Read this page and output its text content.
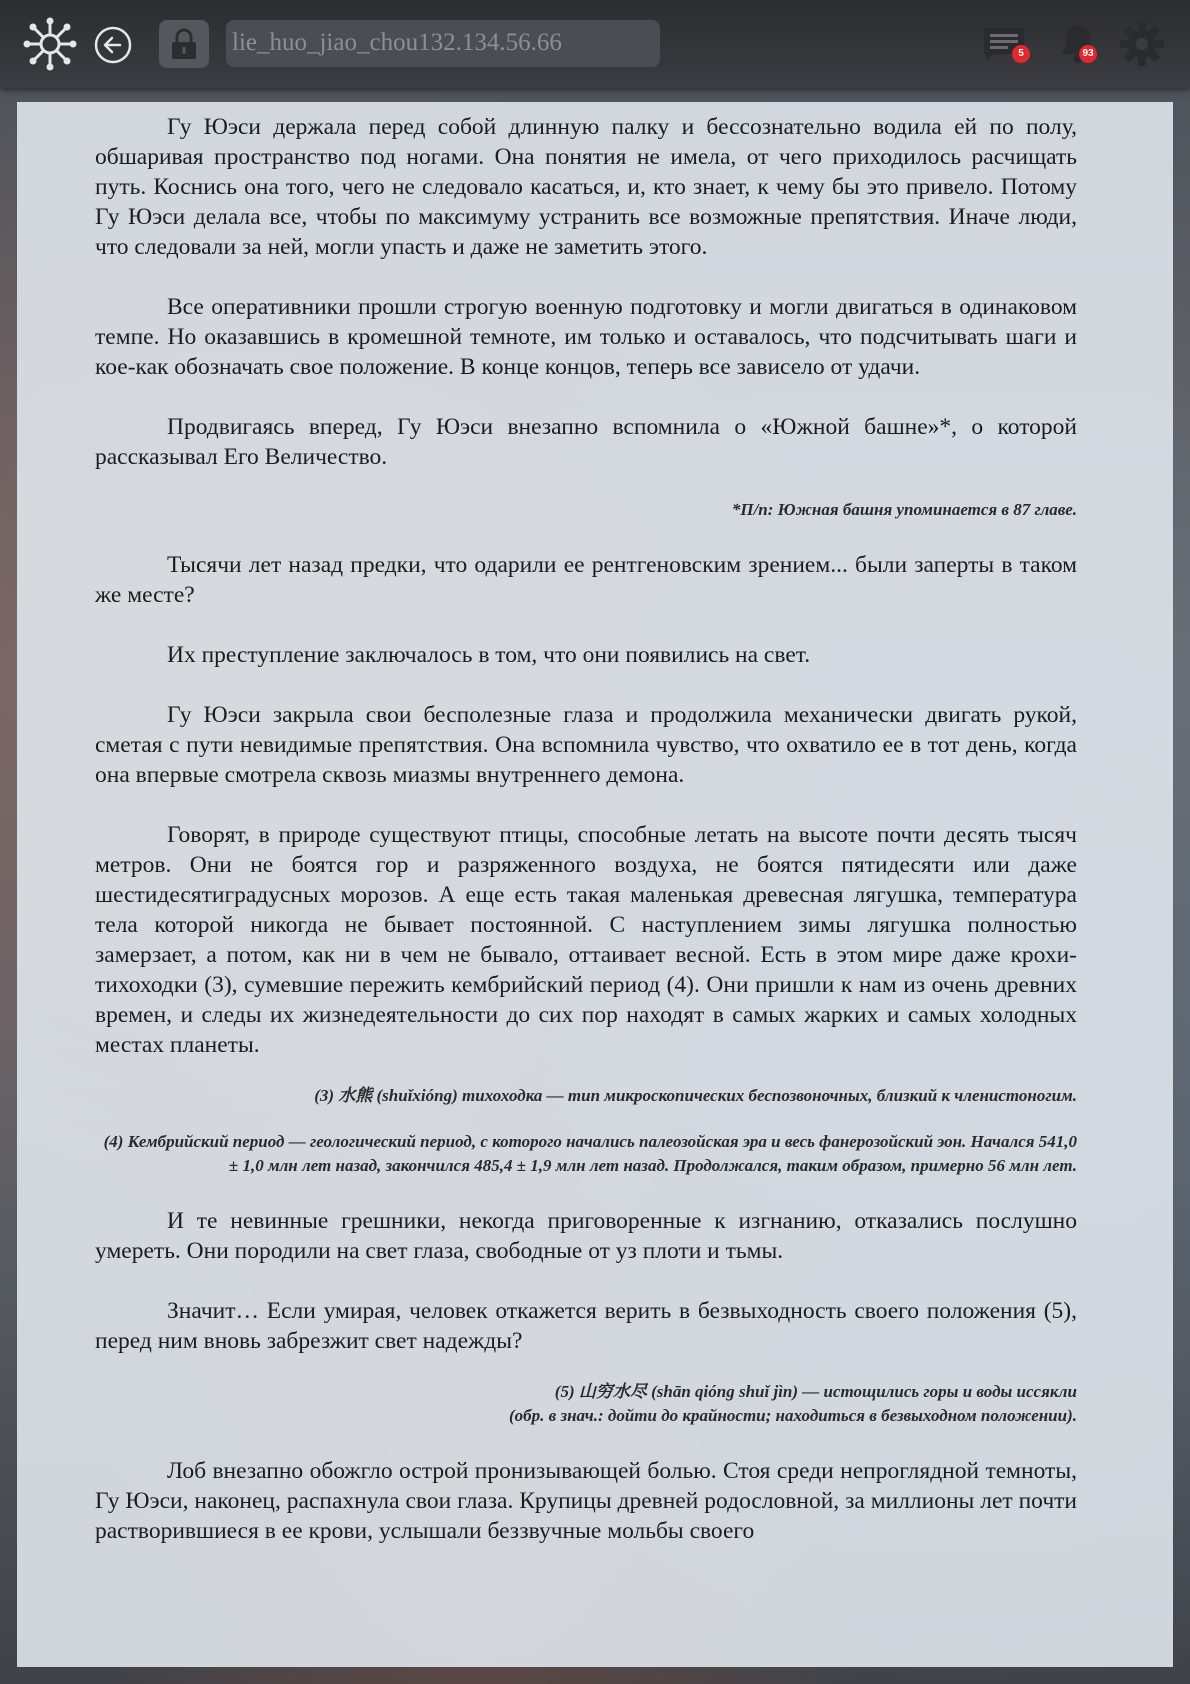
lie_huo_jiao_chou132.134.56.66	5	93

Гу Юэси держала перед собой длинную палку и бессознательно водила ей по полу, обшаривая пространство под ногами. Она понятия не имела, от чего приходилось расчищать путь. Коснись она того, чего не следовало касаться, и, кто знает, к чему бы это привело. Потому Гу Юэси делала все, чтобы по максимуму устранить все возможные препятствия. Иначе люди, что следовали за ней, могли упасть и даже не заметить этого.

Все оперативники прошли строгую военную подготовку и могли двигаться в одинаковом темпе. Но оказавшись в кромешной темноте, им только и оставалось, что подсчитывать шаги и кое-как обозначать свое положение. В конце концов, теперь все зависело от удачи.

Продвигаясь вперед, Гу Юэси внезапно вспомнила о «Южной башне»*, о которой рассказывал Его Величество.

*П/п: Южная башня упоминается в 87 главе.

Тысячи лет назад предки, что одарили ее рентгеновским зрением... были заперты в таком же месте?

Их преступление заключалось в том, что они появились на свет.

Гу Юэси закрыла свои бесполезные глаза и продолжила механически двигать рукой, сметая с пути невидимые препятствия. Она вспомнила чувство, что охватило ее в тот день, когда она впервые смотрела сквозь миазмы внутреннего демона.

Говорят, в природе существуют птицы, способные летать на высоте почти десять тысяч метров. Они не боятся гор и разряженного воздуха, не боятся пятидесяти или даже шестидесятиградусных морозов. А еще есть такая маленькая древесная лягушка, температура тела которой никогда не бывает постоянной. С наступлением зимы лягушка полностью замерзает, а потом, как ни в чем не бывало, оттаивает весной. Есть в этом мире даже крохи-тихоходки (3), сумевшие пережить кембрийский период (4). Они пришли к нам из очень древних времен, и следы их жизнедеятельности до сих пор находят в самых жарких и самых холодных местах планеты.

(3) 水熊 (shuǐxióng) тихоходка — тип микроскопических беспозвоночных, близкий к членистоногим.

(4) Кембрийский период — геологический период, с которого начались палеозойская эра и весь фанерозойский эон. Начался 541,0 ± 1,0 млн лет назад, закончился 485,4 ± 1,9 млн лет назад. Продолжался, таким образом, примерно 56 млн лет.

И те невинные грешники, некогда приговоренные к изгнанию, отказались послушно умереть. Они породили на свет глаза, свободные от уз плоти и тьмы.

Значит… Если умирая, человек откажется верить в безвыходность своего положения (5), перед ним вновь забрезжит свет надежды?

(5) 山穷水尽 (shān qióng shuǐ jìn) — истощились горы и воды иссякли

(обр. в знач.: дойти до крайности; находиться в безвыходном положении).

Лоб внезапно обожгло острой пронизывающей болью. Стоя среди непроглядной темноты, Гу Юэси, наконец, распахнула свои глаза. Крупицы древней родословной, за миллионы лет почти растворившиеся в ее крови, услышали беззвучные мольбы своего
